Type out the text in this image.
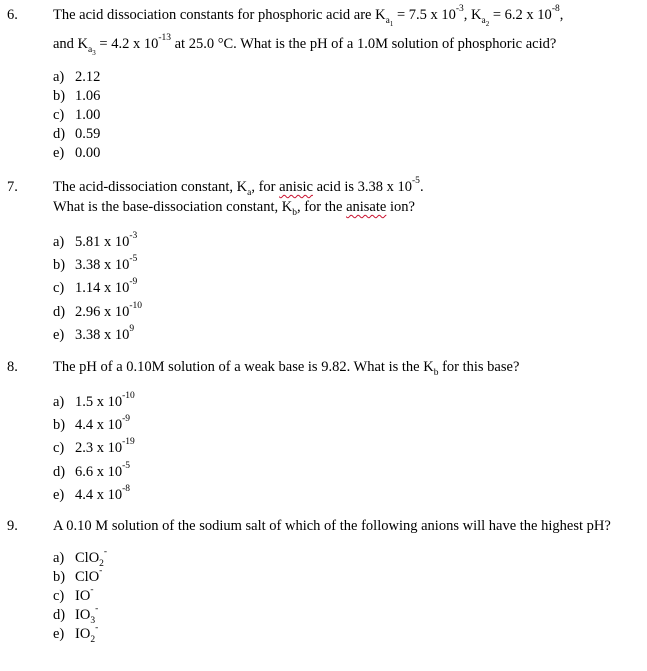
6. The acid dissociation constants for phosphoric acid are $K_{a_1} = 7.5$ x $10^{-3}$, $K_{a_2} = 6.2$ x $10^{-8}$,
and $K_{a_3} = 4.2$ x $10^{-13}$ at 25.0 °C. What is the pH of a 1.0M solution of phosphoric acid?
a) 2.12
b) 1.06
c) 1.00
d) 0.59
e) 0.00
7. The acid-dissociation constant, $K_a$, for anisic acid is 3.38 x $10^{-5}$.
What is the base-dissociation constant, $K_b$, for the anisate ion?
a) 5.81 x $10^{-3}$
b) 3.38 x $10^{-5}$
c) 1.14 x $10^{-9}$
d) 2.96 x $10^{-10}$
e) 3.38 x $10^9$
8. The pH of a 0.10M solution of a weak base is 9.82. What is the $K_b$ for this base?
a) 1.5 x $10^{-10}$
b) 4.4 x $10^{-9}$
c) 2.3 x $10^{-19}$
d) 6.6 x $10^{-5}$
e) 4.4 x $10^{-8}$
9. A 0.10 M solution of the sodium salt of which of the following anions will have the highest pH?
a) ClO$_2$-
b) ClO-
c) IO-
d) $IO_3^-$
e) $IO_2^-$
